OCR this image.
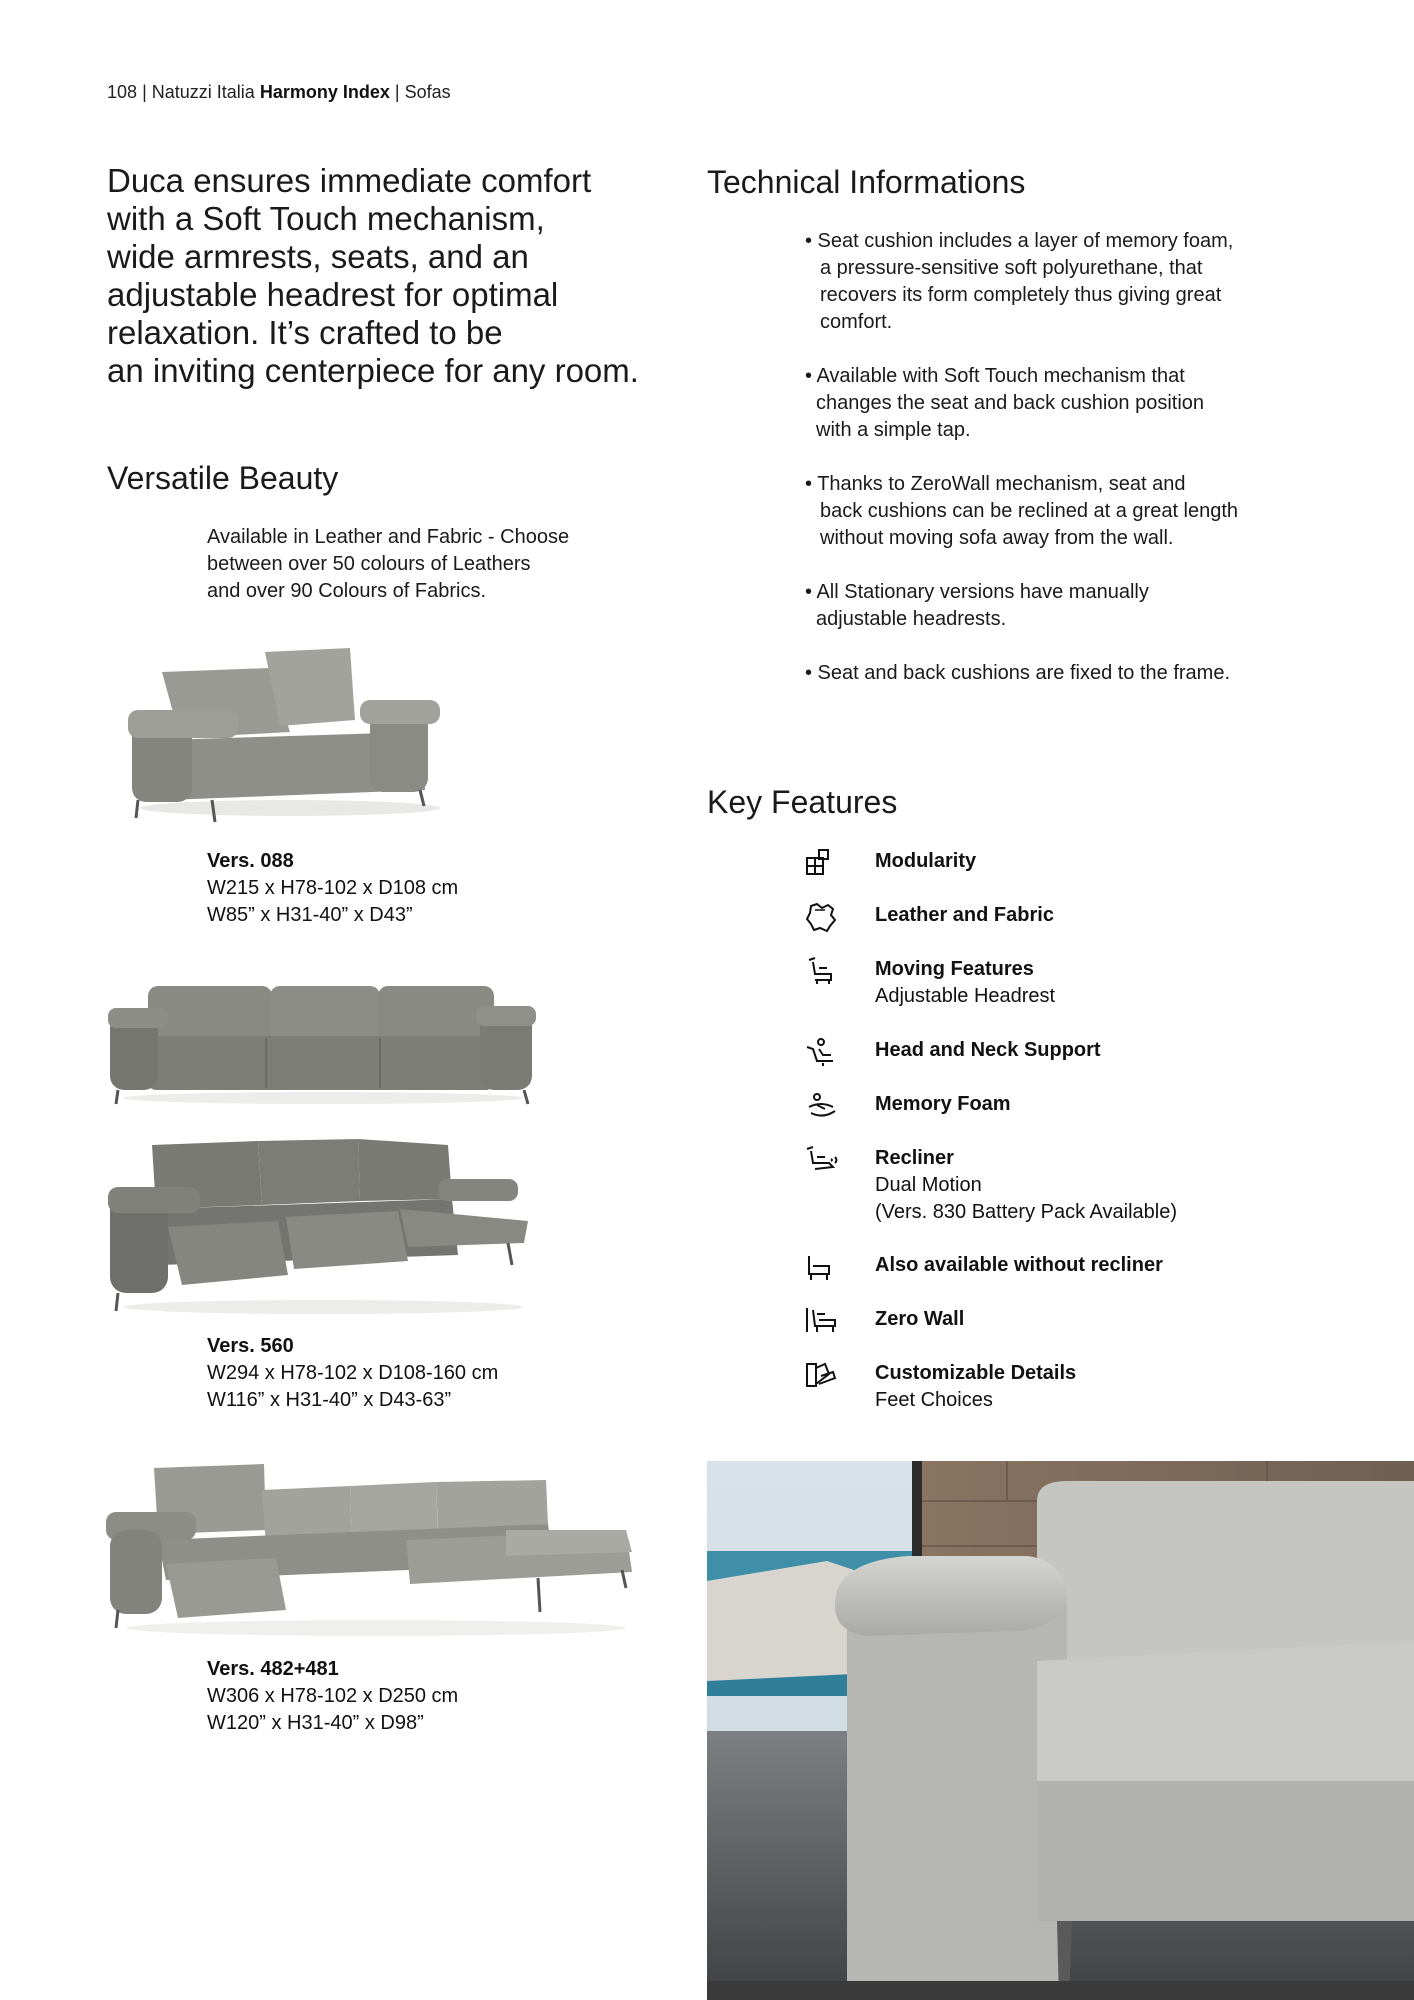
108 | Natuzzi Italia Harmony Index | Sofas
Duca ensures immediate comfort
with a Soft Touch mechanism,
wide armrests, seats, and an
adjustable headrest for optimal
relaxation. It’s crafted to be
an inviting centerpiece for any room.
Versatile Beauty
Available in Leather and Fabric - Choose
between over 50 colours of Leathers
and over 90 Colours of Fabrics.
Vers. 088
W215 x H78-102 x D108 cm
W85” x H31-40” x D43”
Vers. 560
W294 x H78-102 x D108-160 cm
W116” x H31-40” x D43-63”
Vers. 482+481
W306 x H78-102 x D250 cm
W120” x H31-40” x D98”
Technical Informations
• Seat cushion includes a layer of memory foam,
a pressure-sensitive soft polyurethane, that
recovers its form completely thus giving great
comfort.
• Available with Soft Touch mechanism that
changes the seat and back cushion position
with a simple tap.
• Thanks to ZeroWall mechanism, seat and
back cushions can be reclined at a great length
without moving sofa away from the wall.
• All Stationary versions have manually
adjustable headrests.
• Seat and back cushions are fixed to the frame.
Key Features
Modularity
Leather and Fabric
Moving Features
Adjustable Headrest
Head and Neck Support
Memory Foam
Recliner
Dual Motion
(Vers. 830 Battery Pack Available)
Also available without recliner
Zero Wall
Customizable Details
Feet Choices
